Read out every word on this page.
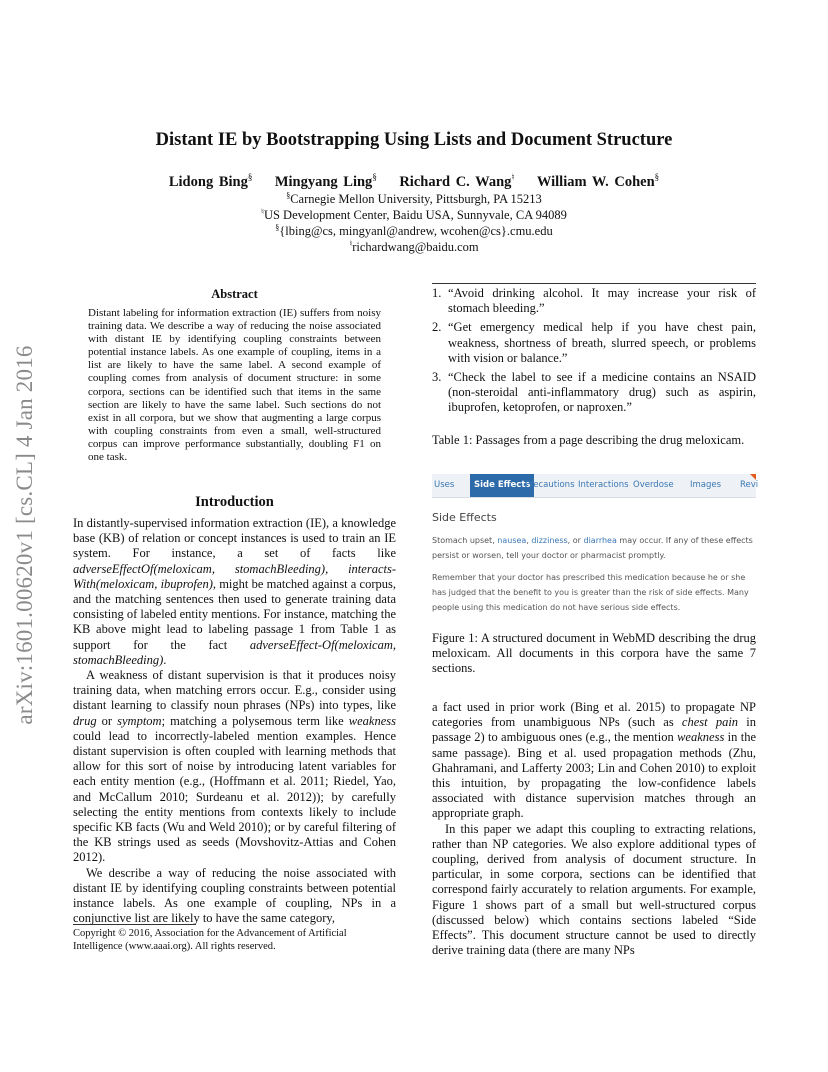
arXiv:1601.00620v1 [cs.CL] 4 Jan 2016
Distant IE by Bootstrapping Using Lists and Document Structure
Lidong Bing§ Mingyang Ling§ Richard C. Wang♮ William W. Cohen§
§Carnegie Mellon University, Pittsburgh, PA 15213
♮US Development Center, Baidu USA, Sunnyvale, CA 94089
§{lbing@cs, mingyanl@andrew, wcohen@cs}.cmu.edu
♮richardwang@baidu.com
Abstract
Distant labeling for information extraction (IE) suffers from noisy training data. We describe a way of reducing the noise associated with distant IE by identifying coupling constraints between potential instance labels. As one example of coupling, items in a list are likely to have the same label. A second example of coupling comes from analysis of document structure: in some corpora, sections can be identified such that items in the same section are likely to have the same label. Such sections do not exist in all corpora, but we show that augmenting a large corpus with coupling constraints from even a small, well-structured corpus can improve performance substantially, doubling F1 on one task.
Introduction

In distantly-supervised information extraction (IE), a knowledge base (KB) of relation or concept instances is used to train an IE system. For instance, a set of facts like adverseEffectOf(meloxicam, stomachBleeding), interacts-With(meloxicam, ibuprofen), might be matched against a corpus, and the matching sentences then used to generate training data consisting of labeled entity mentions. For instance, matching the KB above might lead to labeling passage 1 from Table 1 as support for the fact adverseEffect-Of(meloxicam, stomachBleeding).

A weakness of distant supervision is that it produces noisy training data, when matching errors occur. E.g., consider using distant learning to classify noun phrases (NPs) into types, like drug or symptom; matching a polysemous term like weakness could lead to incorrectly-labeled mention examples. Hence distant supervision is often coupled with learning methods that allow for this sort of noise by introducing latent variables for each entity mention (e.g., (Hoffmann et al. 2011; Riedel, Yao, and McCallum 2010; Surdeanu et al. 2012)); by carefully selecting the entity mentions from contexts likely to include specific KB facts (Wu and Weld 2010); or by careful filtering of the KB strings used as seeds (Movshovitz-Attias and Cohen 2012).

We describe a way of reducing the noise associated with distant IE by identifying coupling constraints between potential instance labels. As one example of coupling, NPs in a conjunctive list are likely to have the same category,

Copyright © 2016, Association for the Advancement of Artificial Intelligence (www.aaai.org). All rights reserved.
1. “Avoid drinking alcohol. It may increase your risk of stomach bleeding.”
2. “Get emergency medical help if you have chest pain, weakness, shortness of breath, slurred speech, or problems with vision or balance.”
3. “Check the label to see if a medicine contains an NSAID (non-steroidal anti-inflammatory drug) such as aspirin, ibuprofen, ketoprofen, or naproxen.”
Table 1: Passages from a page describing the drug meloxicam.
Uses	Side Effects
Precautions Interactions Overdose Images Revi
Side Effects
Stomach upset, nausea, dizziness, or diarrhea may occur. If any of these effects persist or worsen, tell your doctor or pharmacist promptly.
Remember that your doctor has prescribed this medication because he or she has judged that the benefit to you is greater than the risk of side effects. Many people using this medication do not have serious side effects.
Figure 1: A structured document in WebMD describing the drug meloxicam. All documents in this corpora have the same 7 sections.

a fact used in prior work (Bing et al. 2015) to propagate NP categories from unambiguous NPs (such as chest pain in passage 2) to ambiguous ones (e.g., the mention weakness in the same passage). Bing et al. used propagation methods (Zhu, Ghahramani, and Lafferty 2003; Lin and Cohen 2010) to exploit this intuition, by propagating the low-confidence labels associated with distance supervision matches through an appropriate graph.

In this paper we adapt this coupling to extracting relations, rather than NP categories. We also explore additional types of coupling, derived from analysis of document structure. In particular, in some corpora, sections can be identified that correspond fairly accurately to relation arguments. For example, Figure 1 shows part of a small but well-structured corpus (discussed below) which contains sections labeled “Side Effects”. This document structure cannot be used to directly derive training data (there are many NPs
